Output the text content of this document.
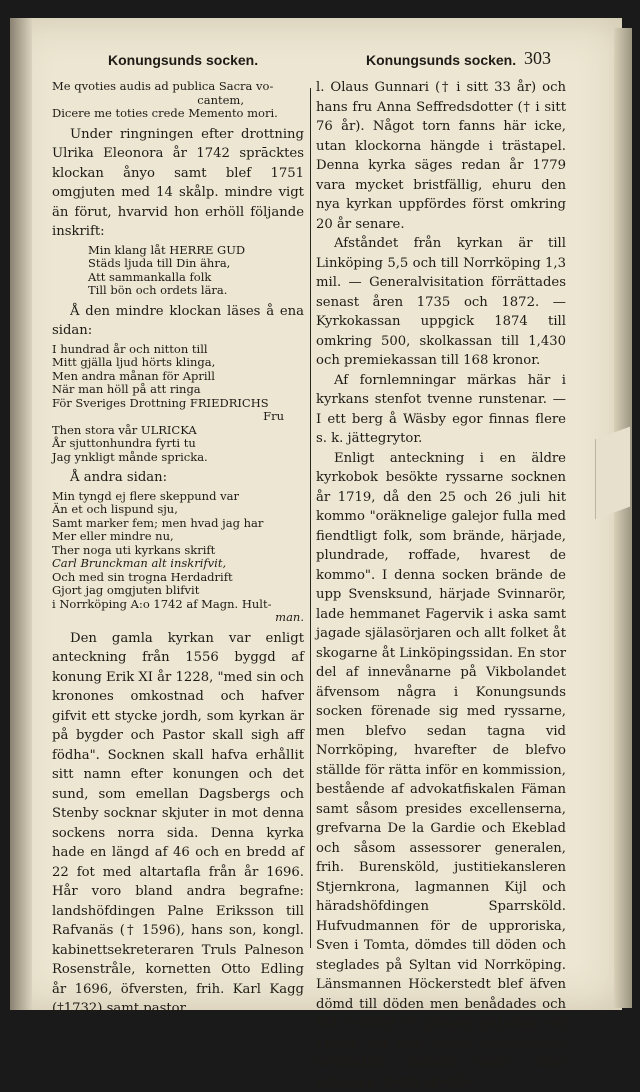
Konungsunds socken.	Konungsunds socken. 303

Me qvoties audis ad publica Sacra vo-
cantem,
Dicere me toties crede Memento mori.

Under ringningen efter drottning Ulrika Eleonora år 1742 sprācktes klockan ånyo samt blef 1751 omgjuten med 14 skålp. mindre vigt än förut, hvarvid hon erhöll följande inskrift:

Min klang låt HERRE GUD
Städs ljuda till Din ähra,
Att sammankalla folk
Till bön och ordets lära.

Å den mindre klockan läses å ena sidan:

I hundrad år och nitton till
Mitt gjälla ljud hörts klinga,
Men andra månan för Aprill
När man höll på att ringa
För Sveriges Drottning FRIEDRICHS
Fru
Then stora vår ULRICKA
År sjuttonhundra fyrti tu
Jag ynkligt månde spricka.

Å andra sidan:

Min tyngd ej flere skeppund var
Än et och lispund sju,
Samt marker fem; men hvad jag har
Mer eller mindre nu,
Ther noga uti kyrkans skrift
Carl Brunckman alt inskrifvit,
Och med sin trogna Herdadrift
Gjort jag omgjuten blifvit
i Norrköping A:o 1742 af Magn. Hult-
man.

Den gamla kyrkan var enligt anteckning från 1556 byggd af konung Erik XI år 1228, "med sin och kronones omkostnad och hafver gifvit ett stycke jordh, som kyrkan är på bygder och Pastor skall sigh aff födha". Socknen skall hafva erhållit sitt namn efter konungen och det sund, som emellan Dagsbergs och Stenby socknar skjuter in mot denna sockens norra sida. Denna kyrka hade en längd af 46 och en bredd af 22 fot med altartafla från år 1696. Hår voro bland andra begrafne: landshöfdingen Palne Eriksson till Rafvanäs († 1596), hans son, kongl. kabinettsekreteraren Truls Palneson Rosenstråle, kornetten Otto Edling år 1696, öfversten, frih. Karl Kagg (†1732) samt pastor

l. Olaus Gunnari († i sitt 33 år) och hans fru Anna Seffredsdotter († i sitt 76 år). Något torn fanns här icke, utan klockorna hängde i trästapel. Denna kyrka säges redan år 1779 vara mycket bristfällig, ehuru den nya kyrkan uppfördes först omkring 20 år senare.

Afståndet från kyrkan är till Linköping 5,5 och till Norrköping 1,3 mil. — Generalvisitation förrättades senast åren 1735 och 1872. — Kyrkokassan uppgick 1874 till omkring 500, skolkassan till 1,430 och premiekassan till 168 kronor.

Af fornlemningar märkas här i kyrkans stenfot tvenne runstenar. — I ett berg å Wäsby egor finnas flere s. k. jättegrytor.

Enligt anteckning i en äldre kyrkobok besökte ryssarne socknen år 1719, då den 25 och 26 juli hit kommo "oräknelige galejor fulla med fiendtligt folk, som brände, härjade, plundrade, roffade, hvarest de kommo". I denna socken brände de upp Svensksund, härjade Svinnarör, lade hemmanet Fagervik i aska samt jagade själasörjaren och allt folket åt skogarne åt Linköpingssidan. En stor del af innevånarne på Vikbolandet äfvensom några i Konungsunds socken förenade sig med ryssarne, men blefvo sedan tagna vid Norrköping, hvarefter de blefvo ställde för rätta inför en kommission, bestående af advokatfiskalen Fäman samt såsom presides excellenserna, grefvarna De la Gardie och Ekeblad och såsom assessorer generalen, frih. Burensköld, justitiekansleren Stjernkrona, lagmannen Kijl och häradshöfdingen Sparrsköld. Hufvudmannen för de upproriska, Sven i Tomta, dömdes till döden och steglades på Syltan vid Norrköping. Länsmannen Höckerstedt blef äfven dömd till döden men benådades och fick i stället "9 gångers gatulopp vid Frista, der ock, såsom annorstädes, oräkneliga många andra lupo gatulopp. Detta skedde
